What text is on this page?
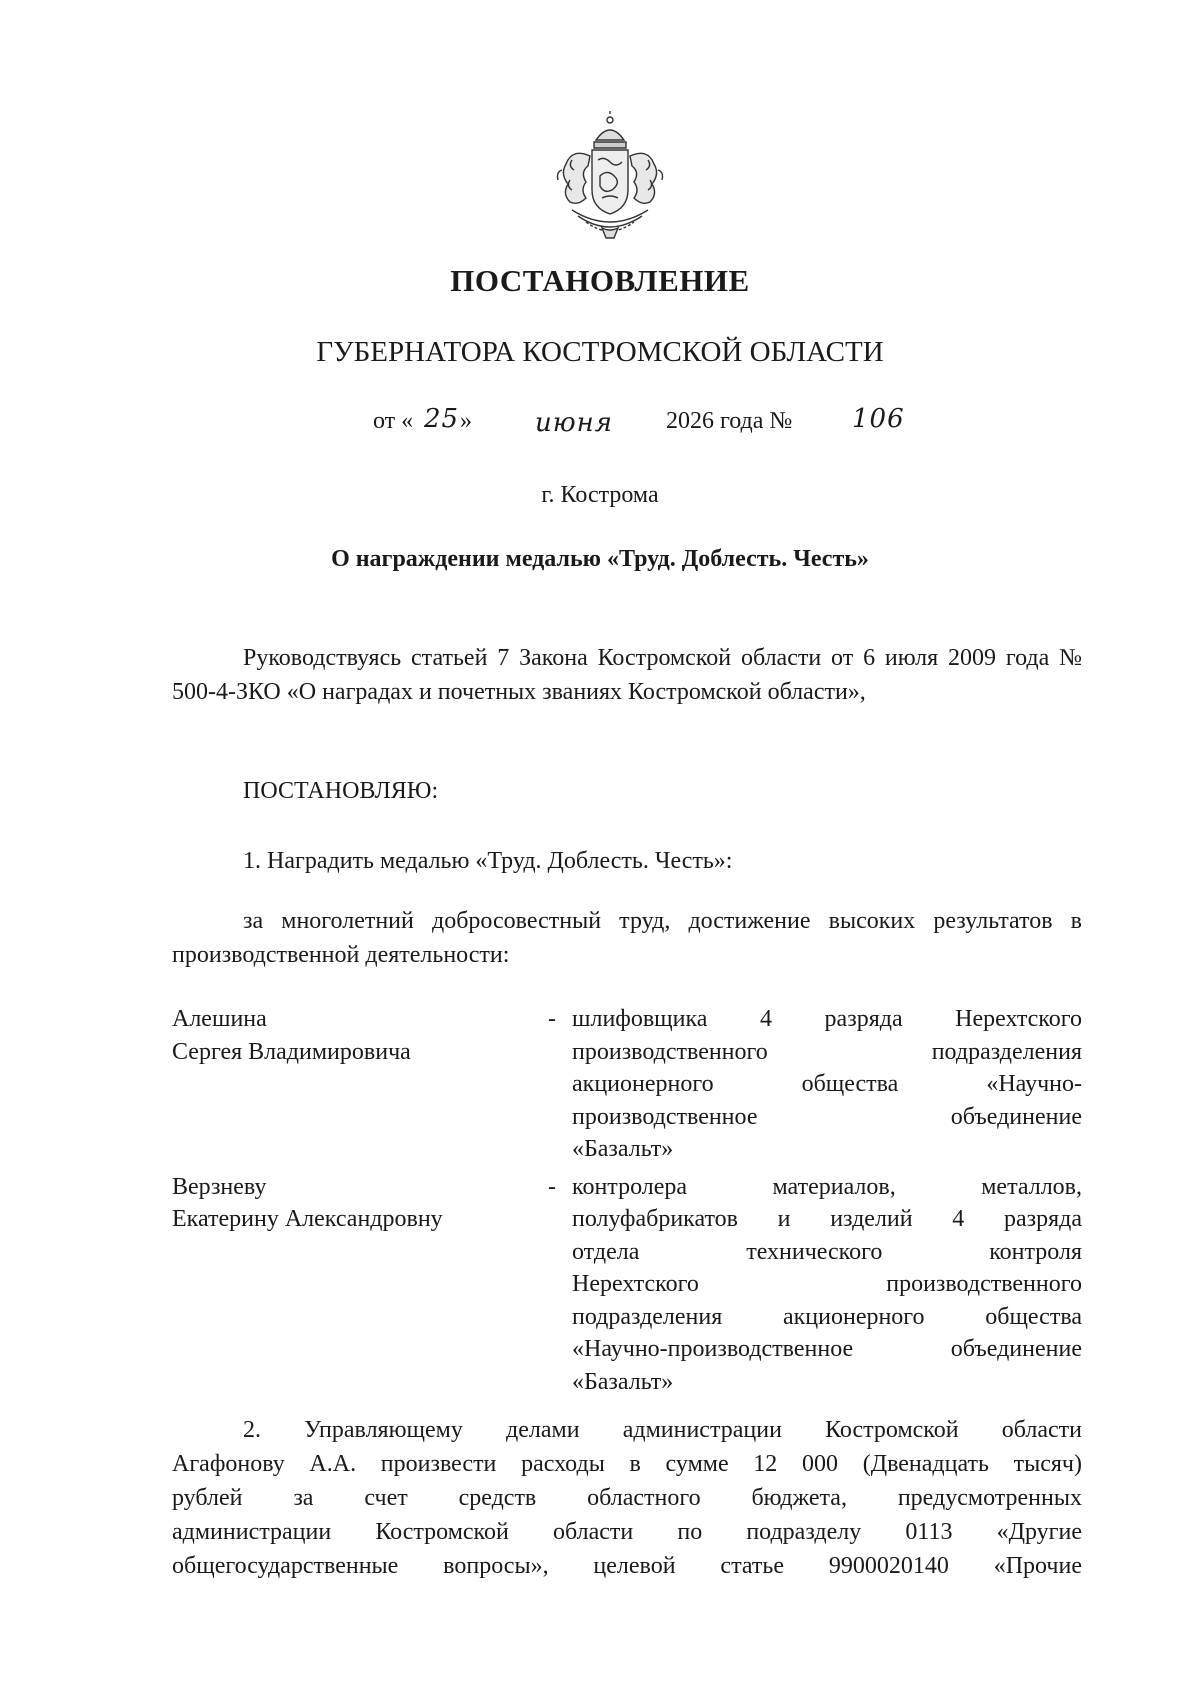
ПОСТАНОВЛЕНИЕ
ГУБЕРНАТОРА КОСТРОМСКОЙ ОБЛАСТИ
от « 25 » июня 2026 года № 106
г. Кострома
О награждении медалью «Труд. Доблесть. Честь»
Руководствуясь статьей 7 Закона Костромской области от 6 июля 2009 года № 500-4-ЗКО «О наградах и почетных званиях Костромской области»,
ПОСТАНОВЛЯЮ:
1. Наградить медалью «Труд. Доблесть. Честь»:
за многолетний добросовестный труд, достижение высоких результатов в производственной деятельности:
Алешина
Сергея Владимировича
- шлифовщика 4 разряда Нерехтского
производственного подразделения
акционерного общества «Научно-
производственное объединение
«Базальт»
Верзневу
Екатерину Александровну
- контролера материалов, металлов,
полуфабрикатов и изделий 4 разряда
отдела технического контроля
Нерехтского производственного
подразделения акционерного общества
«Научно-производственное объединение
«Базальт»
2. Управляющему делами администрации Костромской области
Агафонову А.А. произвести расходы в сумме 12 000 (Двенадцать тысяч)
рублей за счет средств областного бюджета, предусмотренных
администрации Костромской области по подразделу 0113 «Другие
общегосударственные вопросы», целевой статье 9900020140 «Прочие
